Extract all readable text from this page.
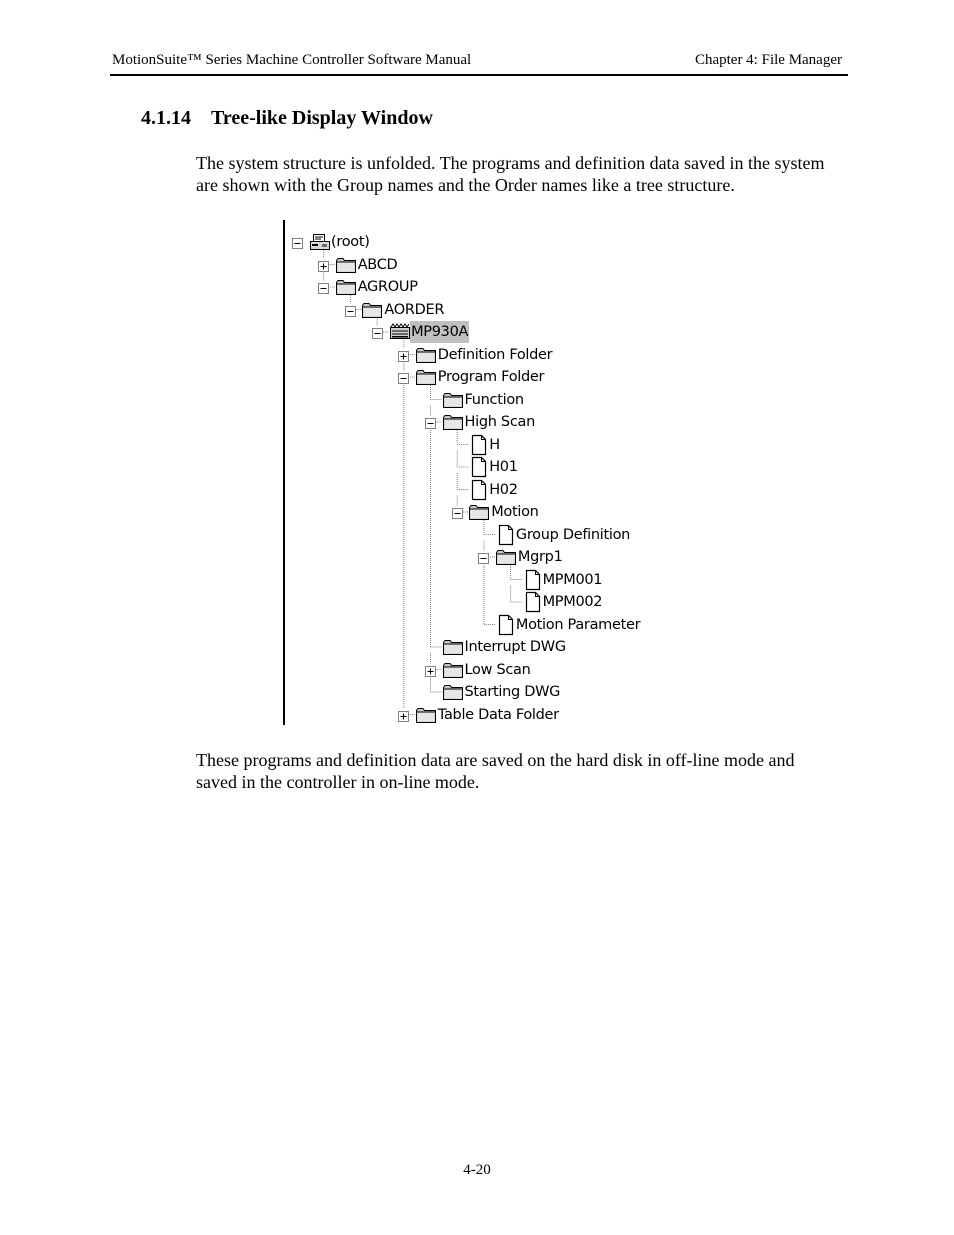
MotionSuite™ Series Machine Controller Software Manual	Chapter 4: File Manager
4.1.14 Tree-like Display Window
The system structure is unfolded. The programs and definition data saved in the system are shown with the Group names and the Order names like a tree structure.
(root)
ABCD
AGROUP
AORDER
MP930A
Definition Folder
Program Folder
Function
High Scan
H
H01
H02
Motion
Group Definition
Mgrp1
MPM001
MPM002
Motion Parameter
Interrupt DWG
Low Scan
Starting DWG
Table Data Folder
These programs and definition data are saved on the hard disk in off-line mode and saved in the controller in on-line mode.
4-20
